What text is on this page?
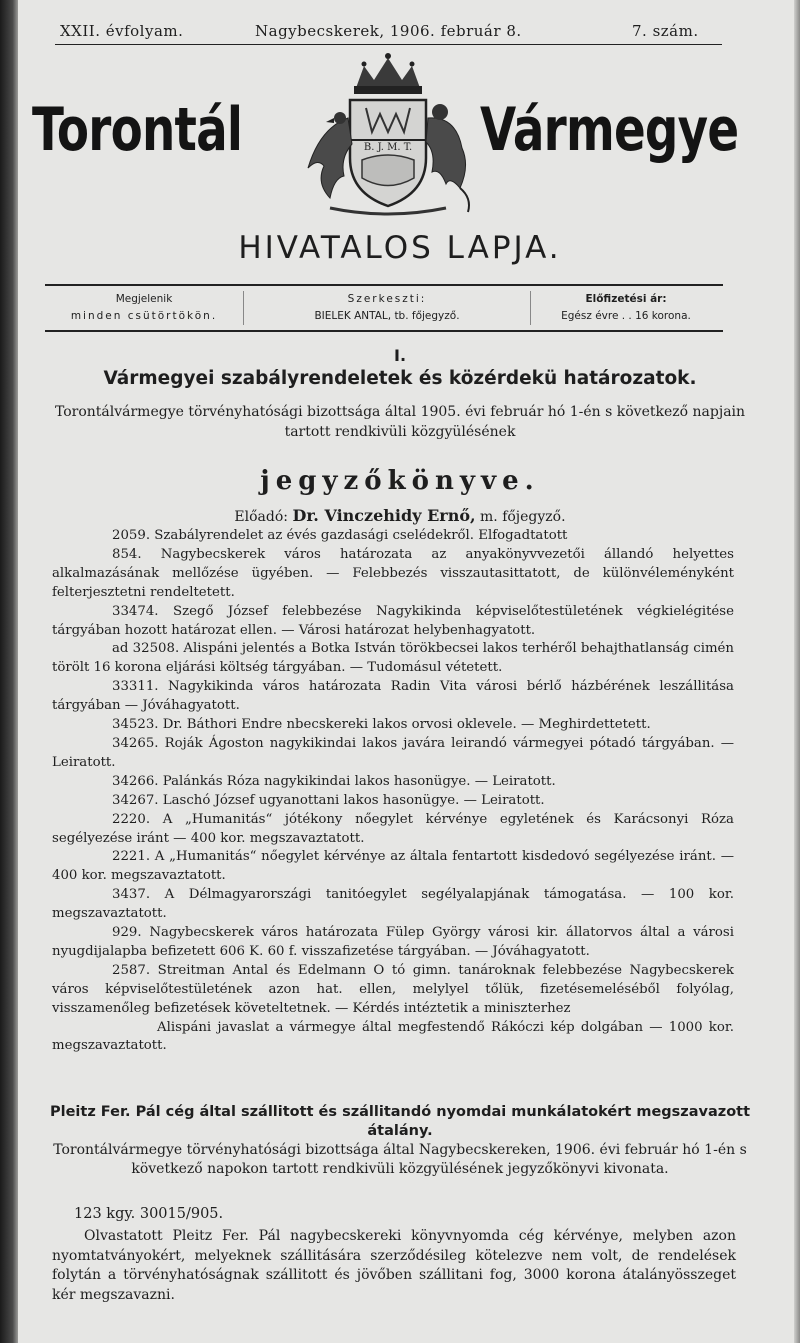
XXII. évfolyam.	Nagybecskerek, 1906. február 8.	7. szám.
Torontál	Vármegye
B. J. M. T.
HIVATALOS LAPJA.
Megjelenik
minden csütörtökön.
Szerkeszti:
BIELEK ANTAL, tb. főjegyző.
Előfizetési ár:
Egész évre . . 16 korona.
I.
Vármegyei szabályrendeletek és közérdekü határozatok.
Torontálvármegye törvényhatósági bizottsága által 1905. évi február hó 1-én s következő napjain tartott rendkivüli közgyülésének
jegyzőkönyve.
Előadó: Dr. Vinczehidy Ernő, m. főjegyző.

2059. Szabályrendelet az évés gazdasági cselédekről. Elfogadtatott

854. Nagybecskerek város határozata az anyakönyvvezetői állandó helyettes alkalmazásának mellőzése ügyében. — Felebbezés visszautasittatott, de különvéleményként felterjesztetni rendeltetett.

33474. Szegő József felebbezése Nagykikinda képviselőtestületének végkielégitése tárgyában hozott határozat ellen. — Városi határozat helybenhagyatott.

ad 32508. Alispáni jelentés a Botka István törökbecsei lakos terhéről behajthatlanság cimén törölt 16 korona eljárási költség tárgyában. — Tudomásul vétetett.

33311. Nagykikinda város határozata Radin Vita városi bérlő házbérének leszállitása tárgyában — Jóváhagyatott.

34523. Dr. Báthori Endre nbecskereki lakos orvosi oklevele. — Meghirdettetett.

34265. Roják Ágoston nagykikindai lakos javára leirandó vármegyei pótadó tárgyában. — Leiratott.

34266. Palánkás Róza nagykikindai lakos hasonügye. — Leiratott.

34267. Laschó József ugyanottani lakos hasonügye. — Leiratott.

2220. A „Humanitás“ jótékony nőegylet kérvénye egyletének és Karácsonyi Róza segélyezése iránt — 400 kor. megszavaztatott.

2221. A „Humanitás“ nőegylet kérvénye az általa fentartott kisdedovó segélyezése iránt. — 400 kor. megszavaztatott.

3437. A Délmagyarországi tanitóegylet segélyalapjának támogatása. — 100 kor. megszavaztatott.

929. Nagybecskerek város határozata Fülep György városi kir. állatorvos által a városi nyugdijalapba befizetett 606 K. 60 f. visszafizetése tárgyában. — Jóváhagyatott.

2587. Streitman Antal és Edelmann O tó gimn. tanároknak felebbezése Nagybecskerek város képviselőtestületének azon hat. ellen, melylyel tőlük, fizetésemeléséből folyólag, visszamenőleg befizetések követeltetnek. — Kérdés intéztetik a miniszterhez

Alispáni javaslat a vármegye által megfestendő Rákóczi kép dolgában — 1000 kor. megszavaztatott.

Pleitz Fer. Pál cég által szállitott és szállitandó nyomdai munkálatokért megszavazott átalány.
Torontálvármegye törvényhatósági bizottsága által Nagybecskereken, 1906. évi február hó 1-én s következő napokon tartott rendkivüli közgyülésének jegyzőkönyvi kivonata.
123 kgy. 30015/905.

Olvastatott Pleitz Fer. Pál nagybecskereki könyvnyomda cég kérvénye, melyben azon nyomtatványokért, melyeknek szállitására szerződésileg kötelezve nem volt, de rendelések folytán a törvényhatóságnak szállitott és jövőben szállitani fog, 3000 korona átalányösszeget kér megszavazni.
